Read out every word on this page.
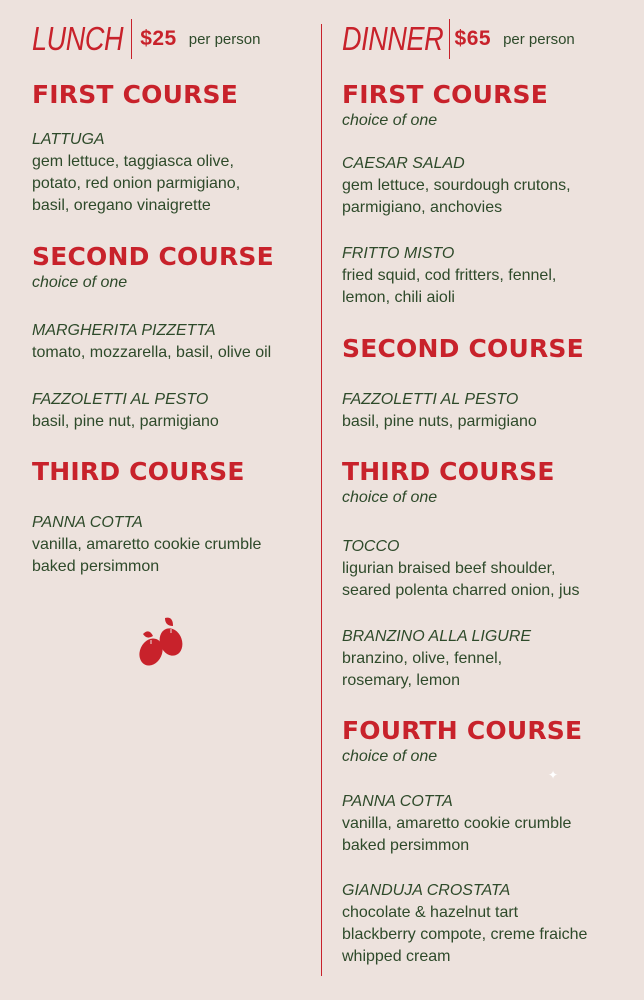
LUNCH $25 per person
FIRST COURSE
LATTUGA
gem lettuce, taggiasca olive,
potato, red onion parmigiano,
basil, oregano vinaigrette
SECOND COURSE
choice of one
MARGHERITA PIZZETTA
tomato, mozzarella, basil, olive oil
FAZZOLETTI AL PESTO
basil, pine nut, parmigiano
THIRD COURSE
PANNA COTTA
vanilla, amaretto cookie crumble
baked persimmon
DINNER $65 per person
FIRST COURSE
choice of one
CAESAR SALAD
gem lettuce, sourdough crutons,
parmigiano, anchovies
FRITTO MISTO
fried squid, cod fritters, fennel,
lemon, chili aioli
SECOND COURSE
FAZZOLETTI AL PESTO
basil, pine nuts, parmigiano
THIRD COURSE
choice of one
TOCCO
ligurian braised beef shoulder,
seared polenta charred onion, jus
BRANZINO ALLA LIGURE
branzino, olive, fennel,
rosemary, lemon
FOURTH COURSE
choice of one
PANNA COTTA
vanilla, amaretto cookie crumble
baked persimmon
GIANDUJA CROSTATA
chocolate & hazelnut tart
blackberry compote, creme fraiche
whipped cream
✦
